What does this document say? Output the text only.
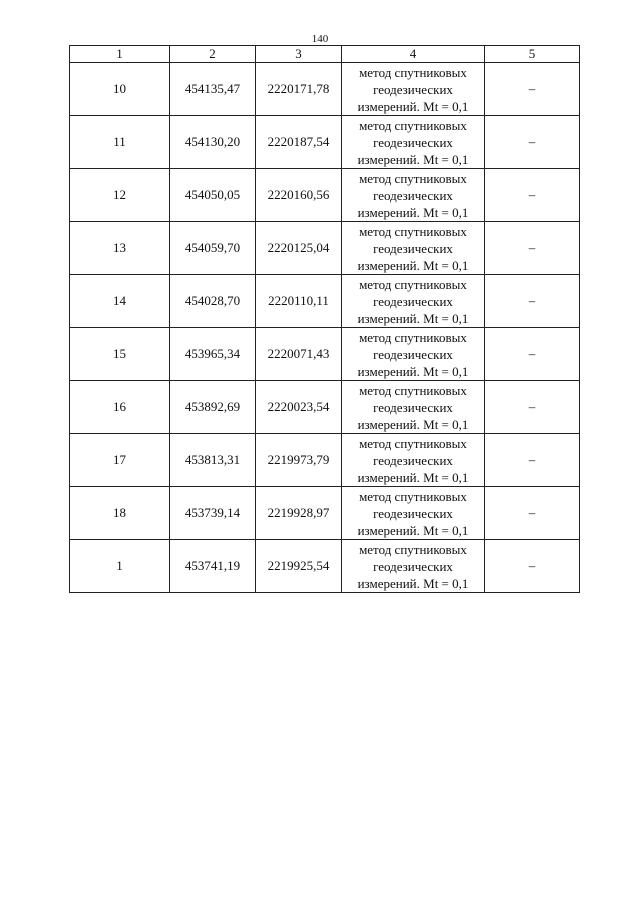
140
1	2	3	4	5
10	454135,47	2220171,78	метод спутниковых
геодезических
измерений. Mt = 0,1	–
11	454130,20	2220187,54	метод спутниковых
геодезических
измерений. Mt = 0,1	–
12	454050,05	2220160,56	метод спутниковых
геодезических
измерений. Mt = 0,1	–
13	454059,70	2220125,04	метод спутниковых
геодезических
измерений. Mt = 0,1	–
14	454028,70	2220110,11	метод спутниковых
геодезических
измерений. Mt = 0,1	–
15	453965,34	2220071,43	метод спутниковых
геодезических
измерений. Mt = 0,1	–
16	453892,69	2220023,54	метод спутниковых
геодезических
измерений. Mt = 0,1	–
17	453813,31	2219973,79	метод спутниковых
геодезических
измерений. Mt = 0,1	–
18	453739,14	2219928,97	метод спутниковых
геодезических
измерений. Mt = 0,1	–
1	453741,19	2219925,54	метод спутниковых
геодезических
измерений. Mt = 0,1	–
